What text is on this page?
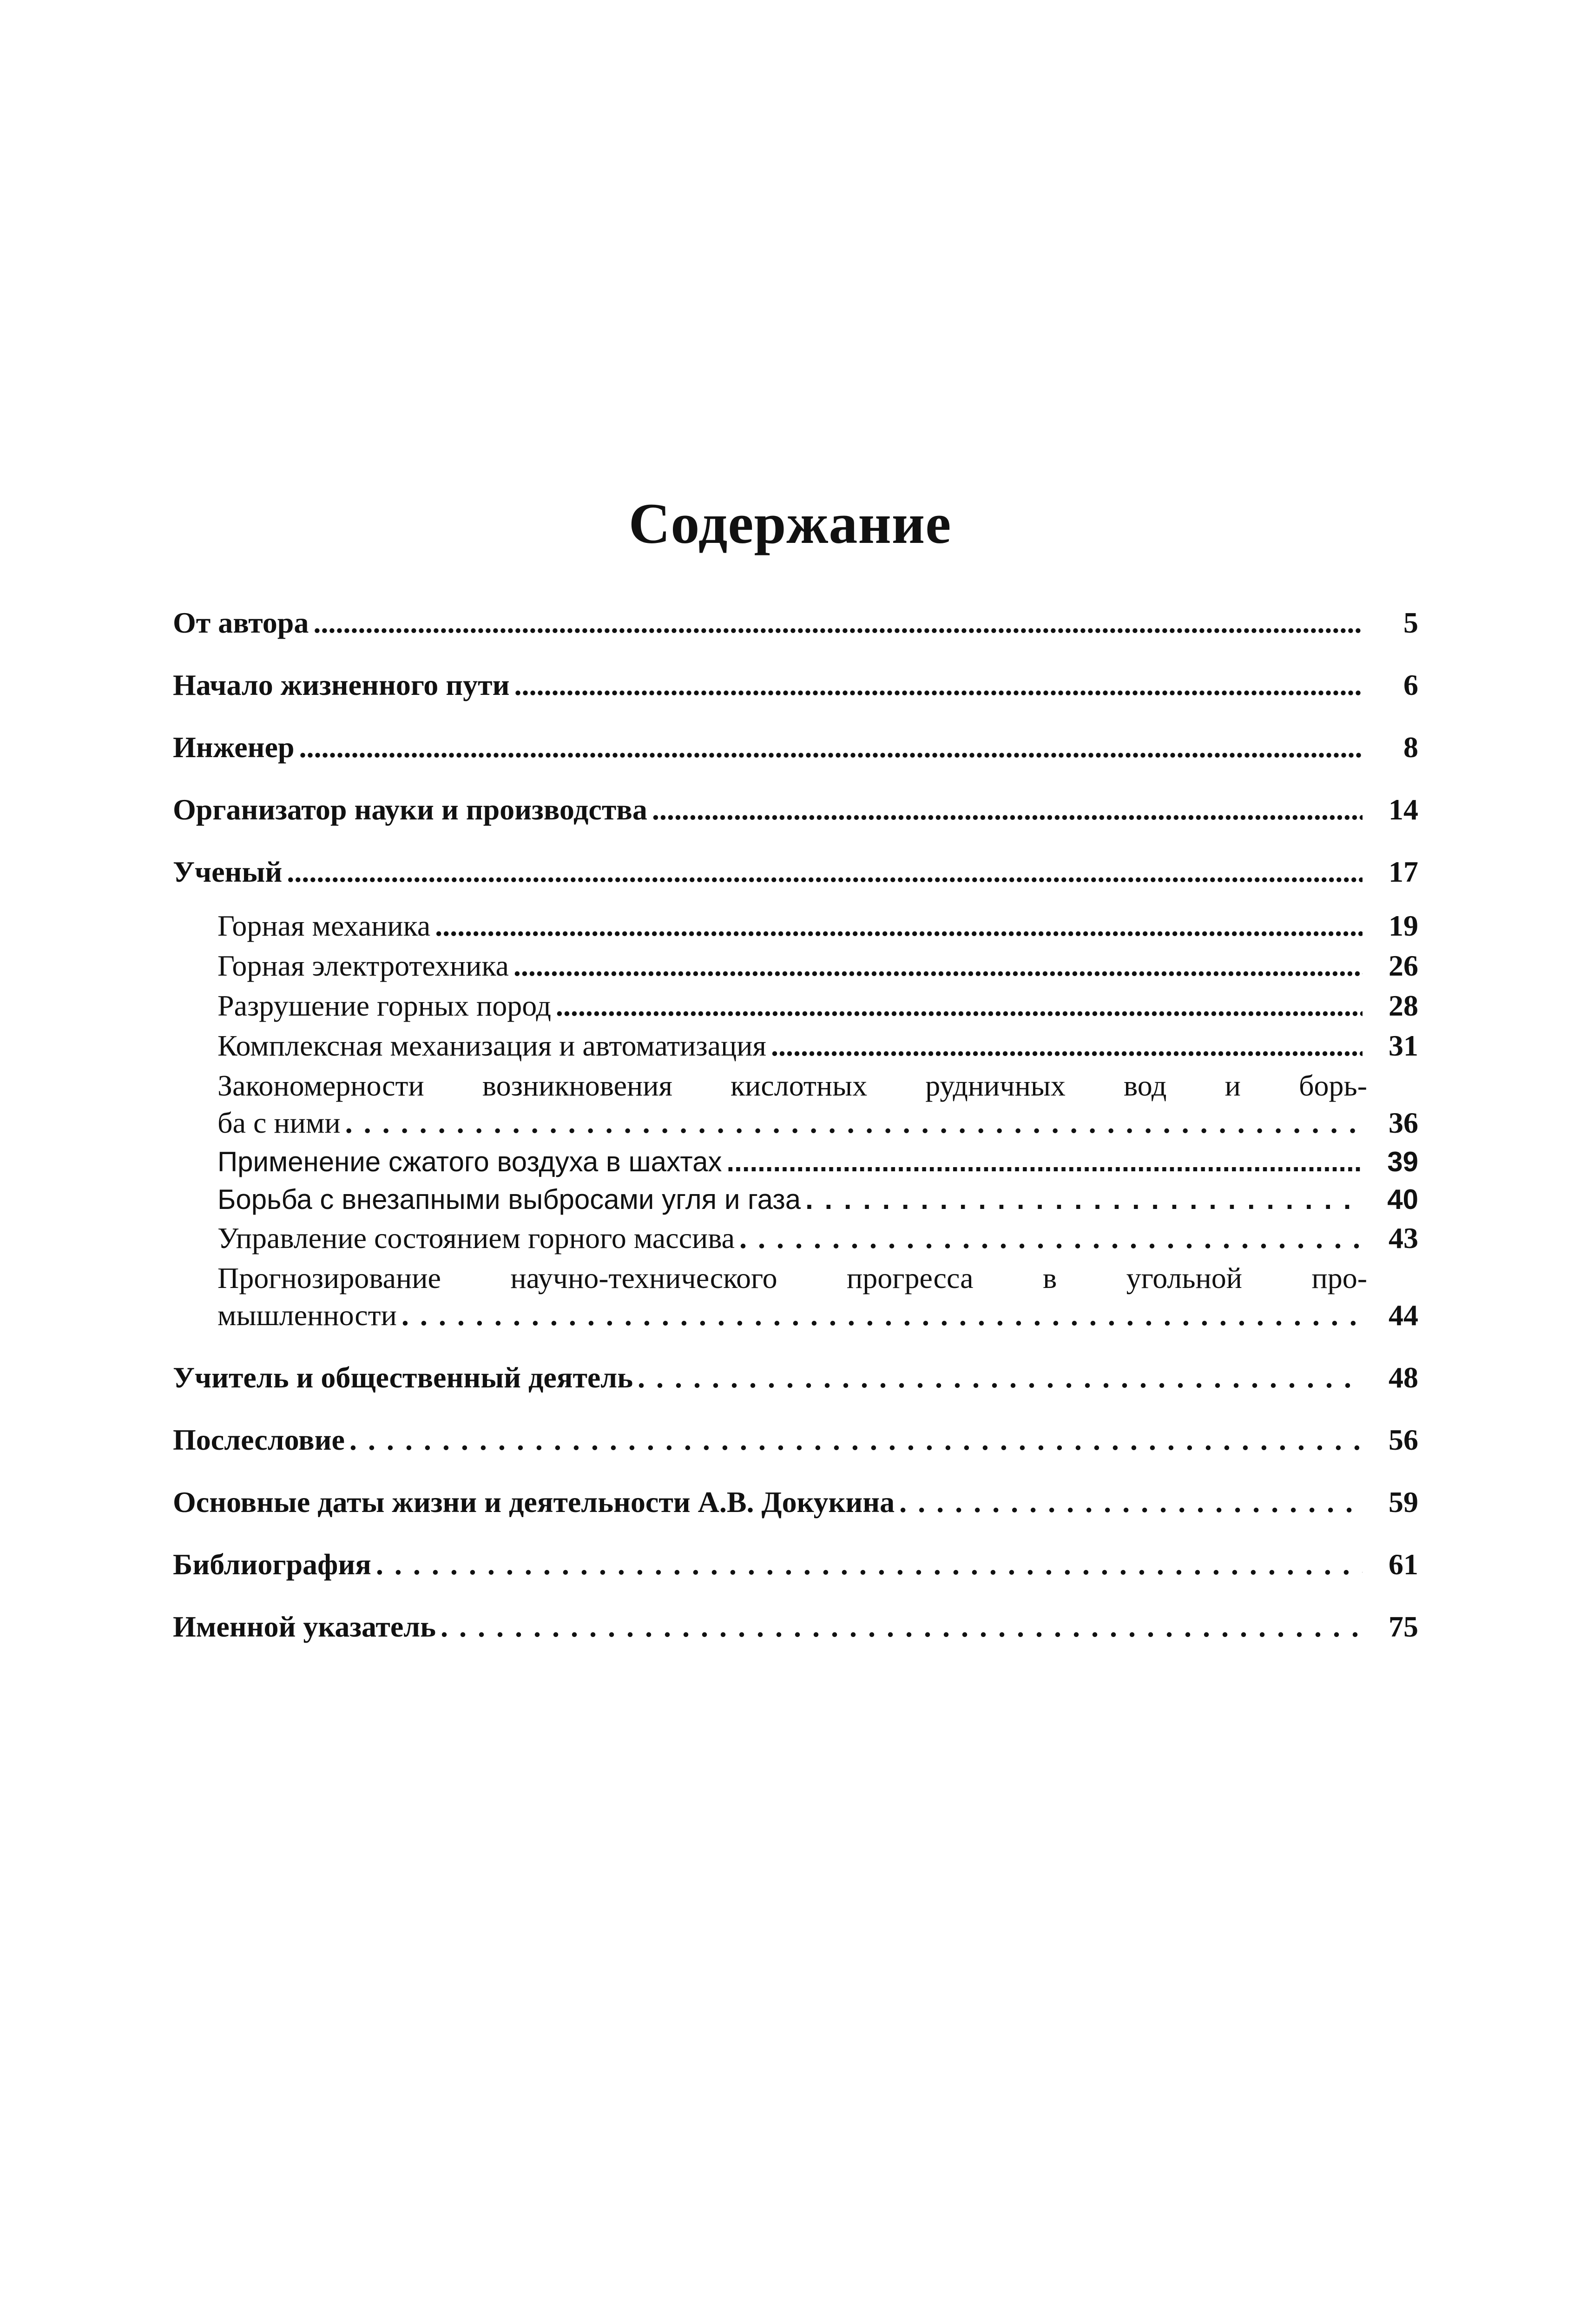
Содержание
От автора .....	5
Начало жизненного пути .....	6
Инженер .....	8
Организатор науки и производства .....	14
Ученый .....	17
Горная механика .....	19
Горная электротехника .....	26
Разрушение горных пород .....	28
Комплексная механизация и автоматизация .....	31
Закономерности возникновения кислотных рудничных вод и борь-
ба с ними . . .	36
Применение сжатого воздуха в шахтах .....	39
Борьба с внезапными выбросами угля и газа . . .	40
Управление состоянием горного массива . . .	43
Прогнозирование научно-технического прогресса в угольной про-
мышленности . . .	44
Учитель и общественный деятель . . .	48
Послесловие . . .	56
Основные даты жизни и деятельности А.В. Докукина . . .	59
Библиография . . .	61
Именной указатель . . .	75
